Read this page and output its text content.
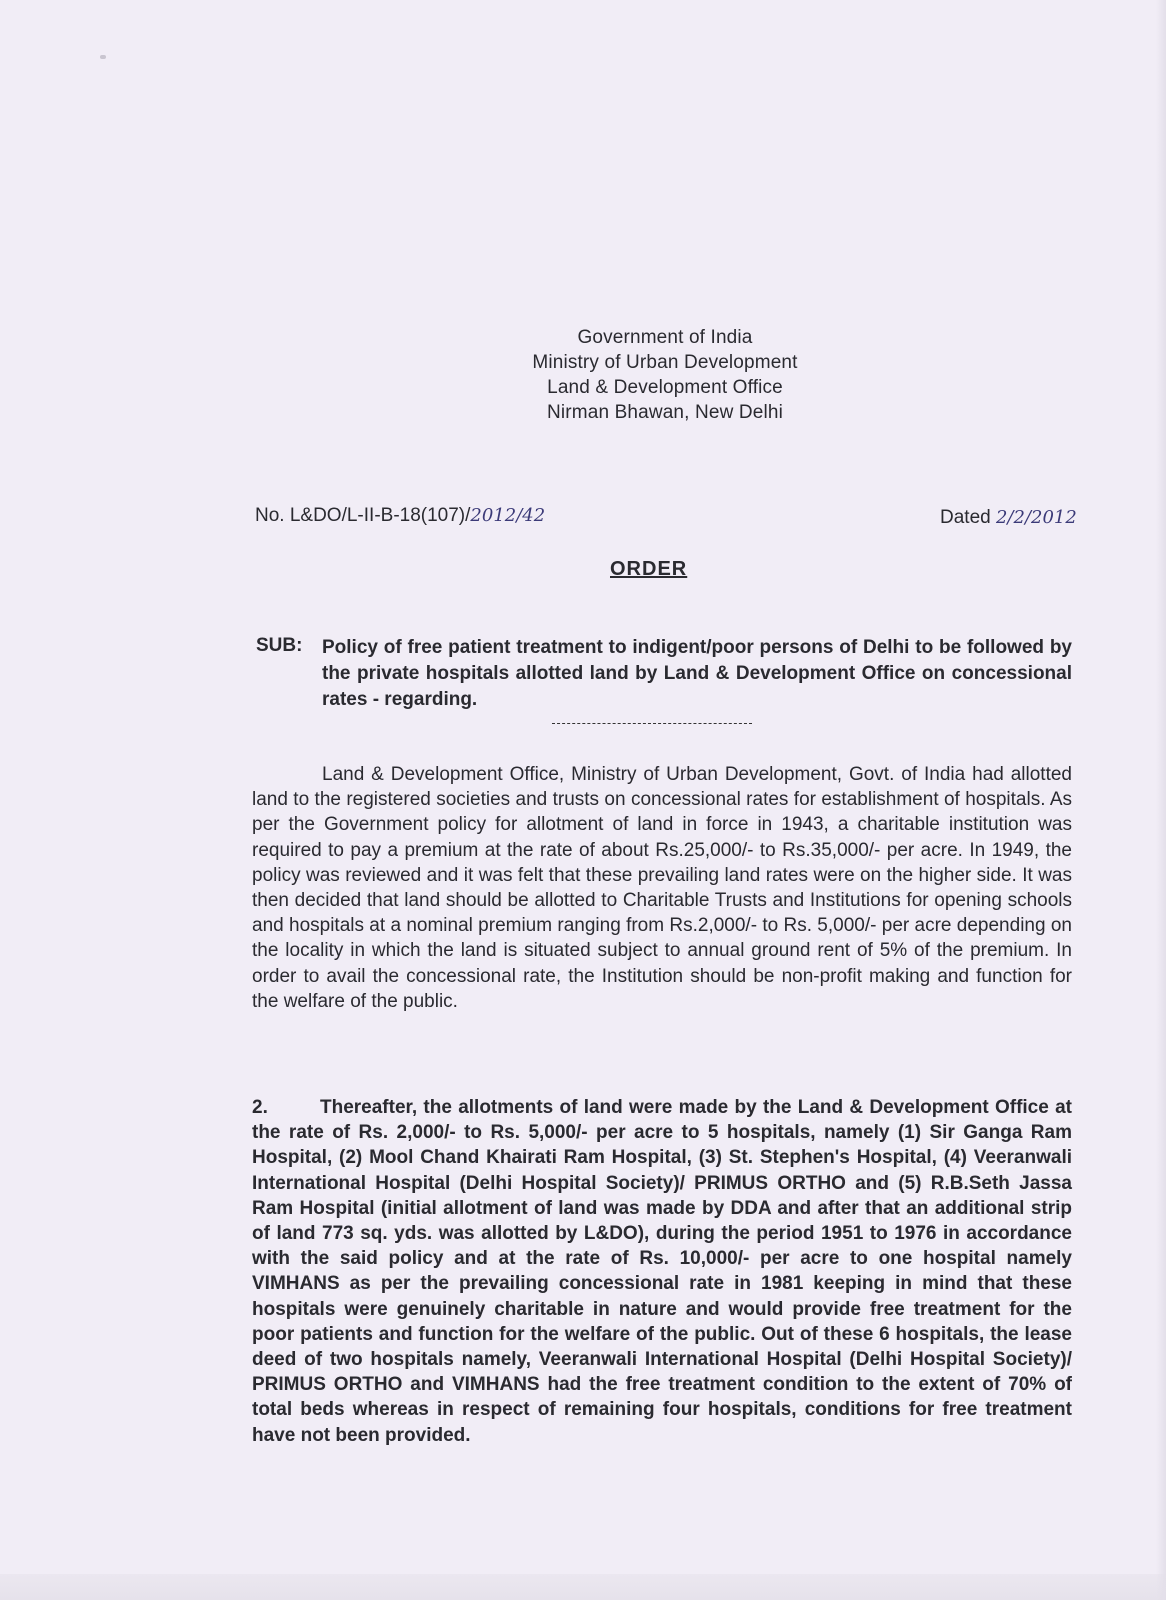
Government of India
Ministry of Urban Development
Land & Development Office
Nirman Bhawan, New Delhi
No. L&DO/L-II-B-18(107)/2012/42	Dated 2/2/2012
ORDER
SUB: Policy of free patient treatment to indigent/poor persons of Delhi to be followed by the private hospitals allotted land by Land & Development Office on concessional rates - regarding.
Land & Development Office, Ministry of Urban Development, Govt. of India had allotted land to the registered societies and trusts on concessional rates for establishment of hospitals. As per the Government policy for allotment of land in force in 1943, a charitable institution was required to pay a premium at the rate of about Rs.25,000/- to Rs.35,000/- per acre. In 1949, the policy was reviewed and it was felt that these prevailing land rates were on the higher side. It was then decided that land should be allotted to Charitable Trusts and Institutions for opening schools and hospitals at a nominal premium ranging from Rs.2,000/- to Rs. 5,000/- per acre depending on the locality in which the land is situated subject to annual ground rent of 5% of the premium. In order to avail the concessional rate, the Institution should be non-profit making and function for the welfare of the public.
2.	Thereafter, the allotments of land were made by the Land & Development Office at the rate of Rs. 2,000/- to Rs. 5,000/- per acre to 5 hospitals, namely (1) Sir Ganga Ram Hospital, (2) Mool Chand Khairati Ram Hospital, (3) St. Stephen's Hospital, (4) Veeranwali International Hospital (Delhi Hospital Society)/ PRIMUS ORTHO and (5) R.B.Seth Jassa Ram Hospital (initial allotment of land was made by DDA and after that an additional strip of land 773 sq. yds. was allotted by L&DO), during the period 1951 to 1976 in accordance with the said policy and at the rate of Rs. 10,000/- per acre to one hospital namely VIMHANS as per the prevailing concessional rate in 1981 keeping in mind that these hospitals were genuinely charitable in nature and would provide free treatment for the poor patients and function for the welfare of the public. Out of these 6 hospitals, the lease deed of two hospitals namely, Veeranwali International Hospital (Delhi Hospital Society)/ PRIMUS ORTHO and VIMHANS had the free treatment condition to the extent of 70% of total beds whereas in respect of remaining four hospitals, conditions for free treatment have not been provided.
